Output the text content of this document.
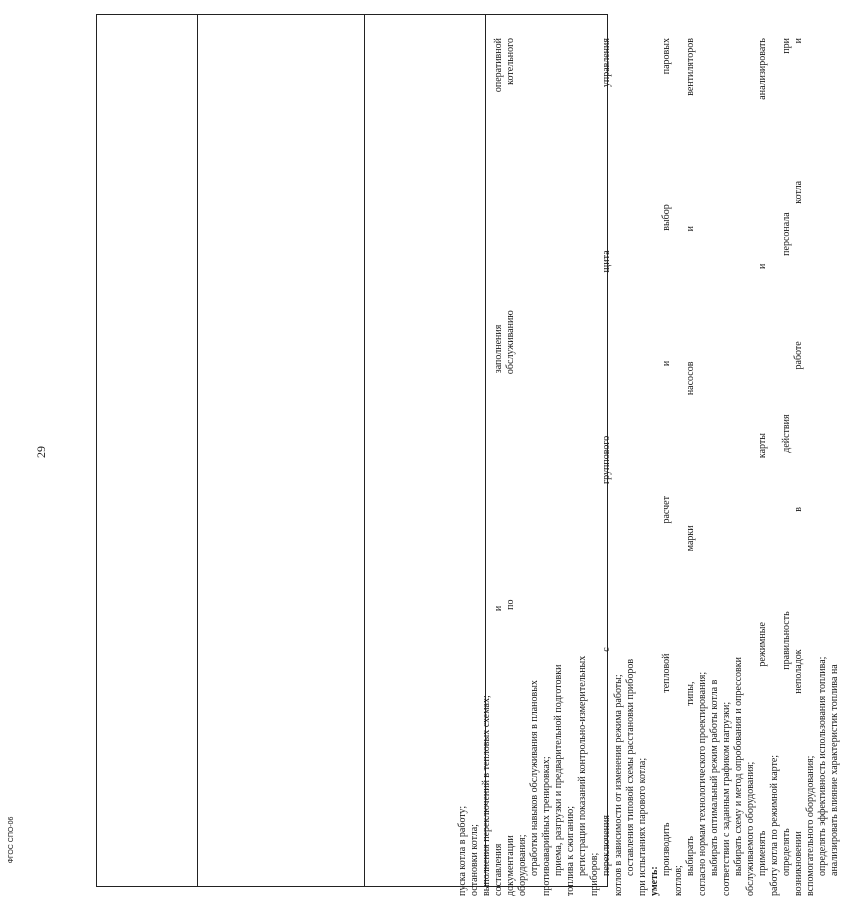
29
ФГОС СПО-06	пуска котла в работу; остановки котла; выполнения переключений в тепловых схемах; составления
и
заполнения
оперативной
документации
по
обслуживанию
котельного
оборудования; отработки навыков обслуживания в плановых противоаварийных тренировках; приема, разгрузки и предварительной подготовки топлива к сжиганию; регистрации показаний контрольно-измерительных приборов; переключения
с
группового
щита
управления
котлов в зависимости от изменения режима работы; составления типовой схемы расстановки приборов при испытаниях парового котла; уметь:
производить
тепловой
расчет
и
выбор
паровых
котлов;
выбирать
типы,
марки
насосов
и
вентиляторов
согласно нормам технологического проектирования; выбирать оптимальный режим работы котла в соответствии с заданным графиком нагрузки; выбирать схему и метод опробования и опрессовки обслуживаемого оборудования; применять
режимные
карты
и
анализировать
работу котла по режимной карте; определять
правильность
действия
персонала
при
возникновении
неполадок
в
работе
котла
и
вспомогательного оборудования; определять эффективность использования топлива; анализировать влияние характеристик топлива на
